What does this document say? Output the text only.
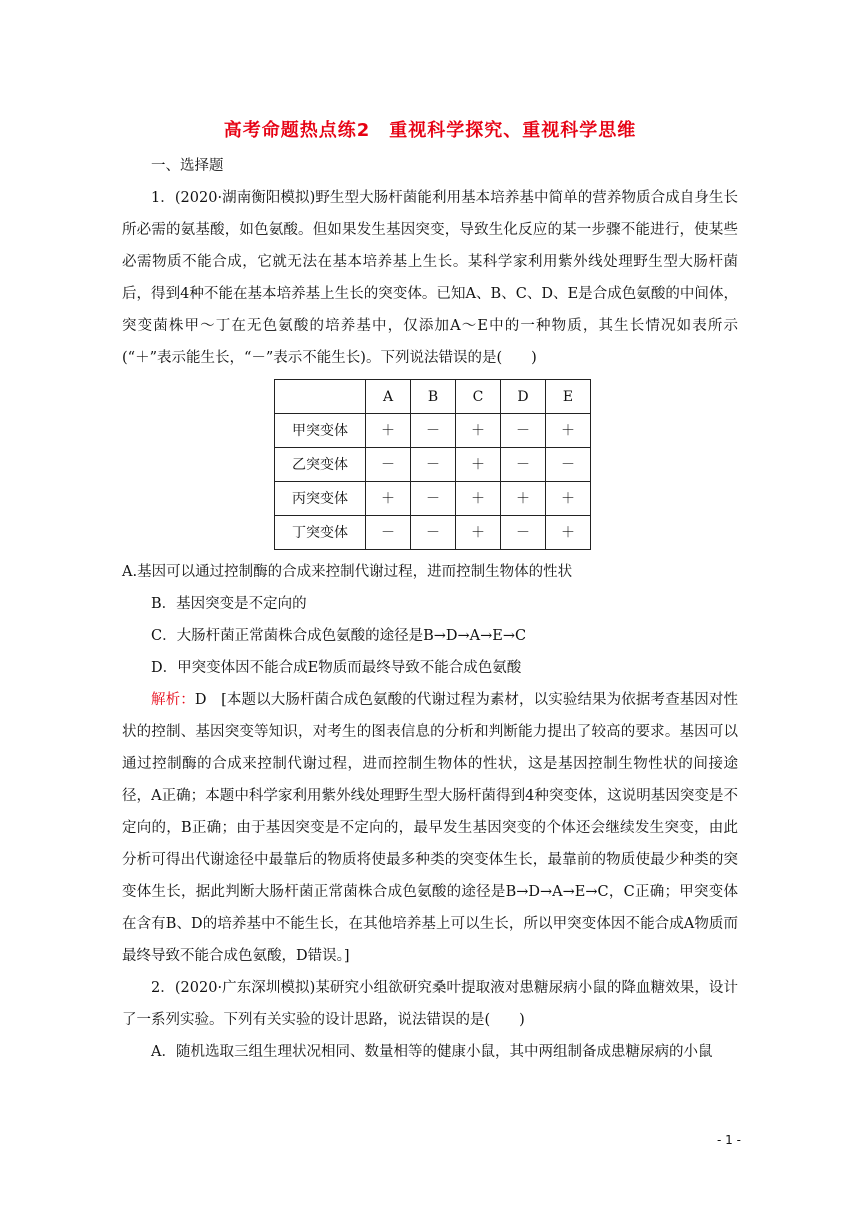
高考命题热点练2　重视科学探究、重视科学思维

一、选择题

1．(2020·湖南衡阳模拟)野生型大肠杆菌能利用基本培养基中简单的营养物质合成自身生长所必需的氨基酸，如色氨酸。但如果发生基因突变，导致生化反应的某一步骤不能进行，使某些必需物质不能合成，它就无法在基本培养基上生长。某科学家利用紫外线处理野生型大肠杆菌后，得到4种不能在基本培养基上生长的突变体。已知A、B、C、D、E是合成色氨酸的中间体，突变菌株甲～丁在无色氨酸的培养基中，仅添加A～E中的一种物质，其生长情况如表所示(“＋”表示能生长，“－”表示不能生长)。下列说法错误的是(　　)

	A	B	C	D	E
甲突变体	＋	－	＋	－	＋
乙突变体	－	－	＋	－	－
丙突变体	＋	－	＋	＋	＋
丁突变体	－	－	＋	－	＋

A.基因可以通过控制酶的合成来控制代谢过程，进而控制生物体的性状

B．基因突变是不定向的

C．大肠杆菌正常菌株合成色氨酸的途径是B→D→A→E→C

D．甲突变体因不能合成E物质而最终导致不能合成色氨酸

解析：D　[本题以大肠杆菌合成色氨酸的代谢过程为素材，以实验结果为依据考查基因对性状的控制、基因突变等知识，对考生的图表信息的分析和判断能力提出了较高的要求。基因可以通过控制酶的合成来控制代谢过程，进而控制生物体的性状，这是基因控制生物性状的间接途径，A正确；本题中科学家利用紫外线处理野生型大肠杆菌得到4种突变体，这说明基因突变是不定向的，B正确；由于基因突变是不定向的，最早发生基因突变的个体还会继续发生突变，由此分析可得出代谢途径中最靠后的物质将使最多种类的突变体生长，最靠前的物质使最少种类的突变体生长，据此判断大肠杆菌正常菌株合成色氨酸的途径是B→D→A→E→C，C正确；甲突变体在含有B、D的培养基中不能生长，在其他培养基上可以生长，所以甲突变体因不能合成A物质而最终导致不能合成色氨酸，D错误。]

2．(2020·广东深圳模拟)某研究小组欲研究桑叶提取液对患糖尿病小鼠的降血糖效果，设计了一系列实验。下列有关实验的设计思路，说法错误的是(　　)

A．随机选取三组生理状况相同、数量相等的健康小鼠，其中两组制备成患糖尿病的小鼠

- 1 -
